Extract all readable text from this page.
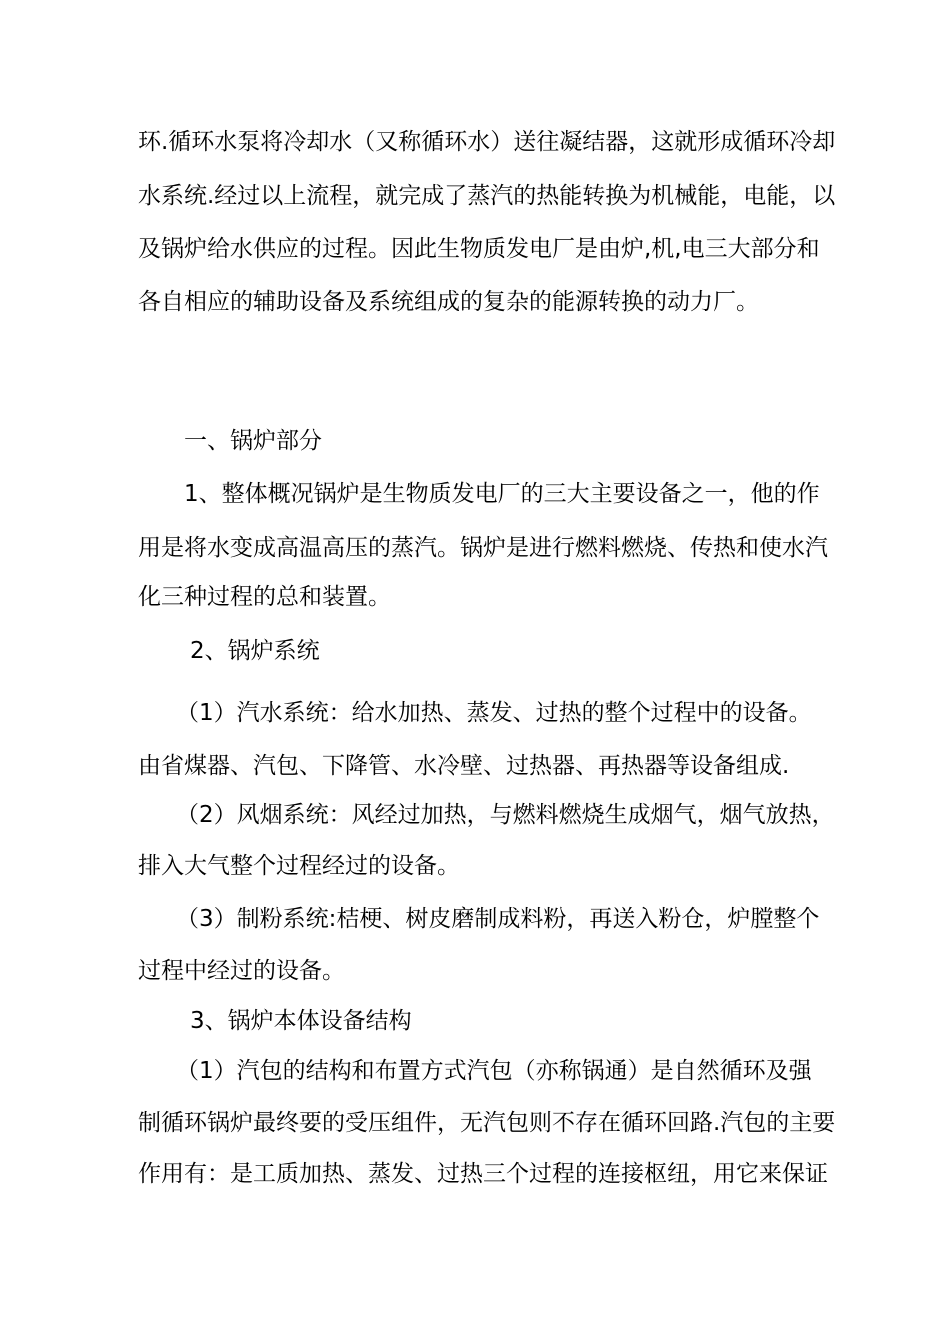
环.循环水泵将冷却水（又称循环水）送往凝结器，这就形成循环冷却
水系统.经过以上流程，就完成了蒸汽的热能转换为机械能，电能，以
及锅炉给水供应的过程。因此生物质发电厂是由炉,机,电三大部分和
各自相应的辅助设备及系统组成的复杂的能源转换的动力厂。
一、锅炉部分
1、整体概况锅炉是生物质发电厂的三大主要设备之一，他的作
用是将水变成高温高压的蒸汽。锅炉是进行燃料燃烧、传热和使水汽
化三种过程的总和装置。
2、锅炉系统
（1）汽水系统：给水加热、蒸发、过热的整个过程中的设备。
由省煤器、汽包、下降管、水冷壁、过热器、再热器等设备组成.
（2）风烟系统：风经过加热，与燃料燃烧生成烟气，烟气放热，
排入大气整个过程经过的设备。
（3）制粉系统:桔梗、树皮磨制成料粉，再送入粉仓，炉膛整个
过程中经过的设备。
3、锅炉本体设备结构
（1）汽包的结构和布置方式汽包（亦称锅通）是自然循环及强
制循环锅炉最终要的受压组件，无汽包则不存在循环回路.汽包的主要
作用有：是工质加热、蒸发、过热三个过程的连接枢纽，用它来保证
